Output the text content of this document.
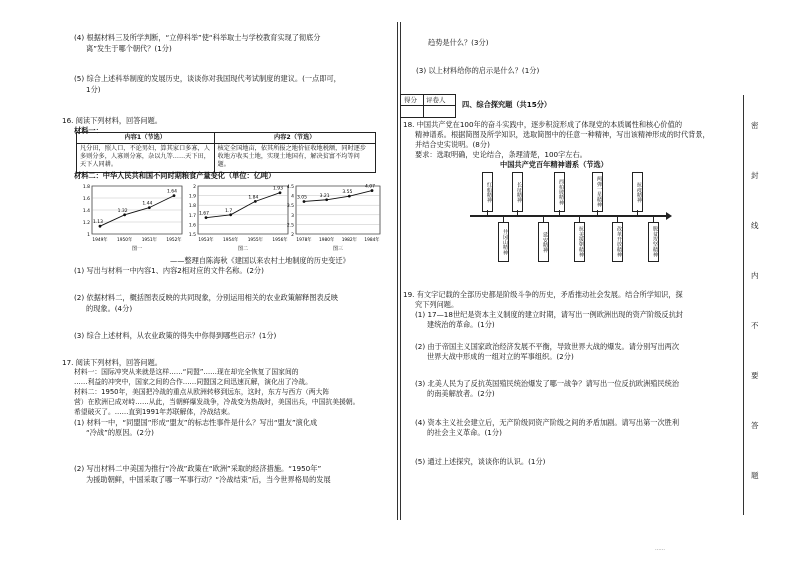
(4) 根据材料三及所学判断，“立停科举”使“科举取士与学校教育实现了彻底分
离”发生于哪个朝代？(1分)
(5) 综合上述科举制度的发展历史，谈谈你对我国现代考试制度的建议。(一点即可，
1分)
16. 阅读下列材料，回答问题。
材料一：
内容1（节选）	内容2（节选）
凡分田，照人口，不论男妇，算其家口多寡，人多则分多，人寡则分寡，杂以九等……天下田，天下人同耕。	核定全国地亩，依其所报之地价征收地税额，同时逐步收地方收买土地，实现土地国有，解决贫富不均等问题。
材料二：中华人民共和国不同时期粮食产量变化（单位：亿吨）
1.8
1.6
1.4
1.2
1
1.13
1.32
1.44
1.64
1949年 1950年 1951年 1952年
图一
2
1.9
1.8
1.7
1.6
1.5
1.67
1.7
1.84
1.93
1953年 1954年 1955年 1956年
图二
4.5
4
3.5
3
2.5
2
3.05	3.21
3.55
4.07
1978年 1980年 1982年 1984年
图三
——整理自陈海秋《建国以来农村土地制度的历史变迁》
(1) 写出与材料一中内容1、内容2相对应的文件名称。(2分)
(2) 依据材料二，概括图表反映的共同现象，分别运用相关的农业政策解释图表反映
的现象。(4分)
(3) 综合上述材料，从农业政策的得失中你得到哪些启示？(1分)
17. 阅读下列材料，回答问题。
材料一：国际冲突从来就是这样……“同盟”……现在却完全恢复了国家间的
……利益的冲突中，国家之间的合作……同盟国之间迅速瓦解，演化出了冷战。
材料二：1950年，美国把冷战的重点从欧洲转移到远东，这时，东方与西方（两大阵
营）在欧洲已成对峙……从此，当朝鲜爆发战争，冷战变为热战时，美国出兵，中国抗美援朝。
希望破灭了。……直到1991年苏联解体，冷战结束。
(1) 材料一中，“同盟国”形成“盟友”的标志性事件是什么？写出“盟友”演化成
“冷战”的原因。(2分)
(2) 写出材料二中美国为推行“冷战”政策在“欧洲”采取的经济措施。“1950年”
为援助朝鲜，中国采取了哪一军事行动？“冷战结束”后，当今世界格局的发展
趋势是什么？(3分)
(3) 以上材料给你的启示是什么？(1分)
得分 评卷人 四、综合探究题（共15分）
18. 中国共产党在100年的奋斗实践中，逐步积淀形成了体现党的本质属性和核心价值的
精神谱系。根据简图及所学知识，选取简图中的任意一种精神，写出该精神形成的时代背景，
并结合史实说明。(8分)
要求：选取明确，史论结合，条理清楚，100字左右。
中国共产党百年精神谱系（节选）
红船精神	长征精神	西柏坡精神	两弹一星精神	抗疫精神
井冈山精神	延安精神	抗美援朝精神	改革开放精神	脱贫攻坚精神
19. 有文字记载的全部历史都是阶级斗争的历史，矛盾推动社会发展。结合所学知识，探
究下列问题。
(1) 17—18世纪是资本主义制度的建立时期，请写出一例欧洲出现的资产阶级反抗封
建统治的革命。(1分)
(2) 由于帝国主义国家政治经济发展不平衡，导致世界大战的爆发。请分别写出两次
世界大战中形成的一组对立的军事组织。(2分)
(3) 北美人民为了反抗英国殖民统治爆发了哪一战争？请写出一位反抗欧洲殖民统治
的南美解放者。(2分)
(4) 资本主义社会建立后，无产阶级同资产阶级之间的矛盾加剧。请写出第一次胜利
的社会主义革命。(1分)
(5) 通过上述探究，谈谈你的认识。(1分)
密
封
线
内
不
要
答
题
……
